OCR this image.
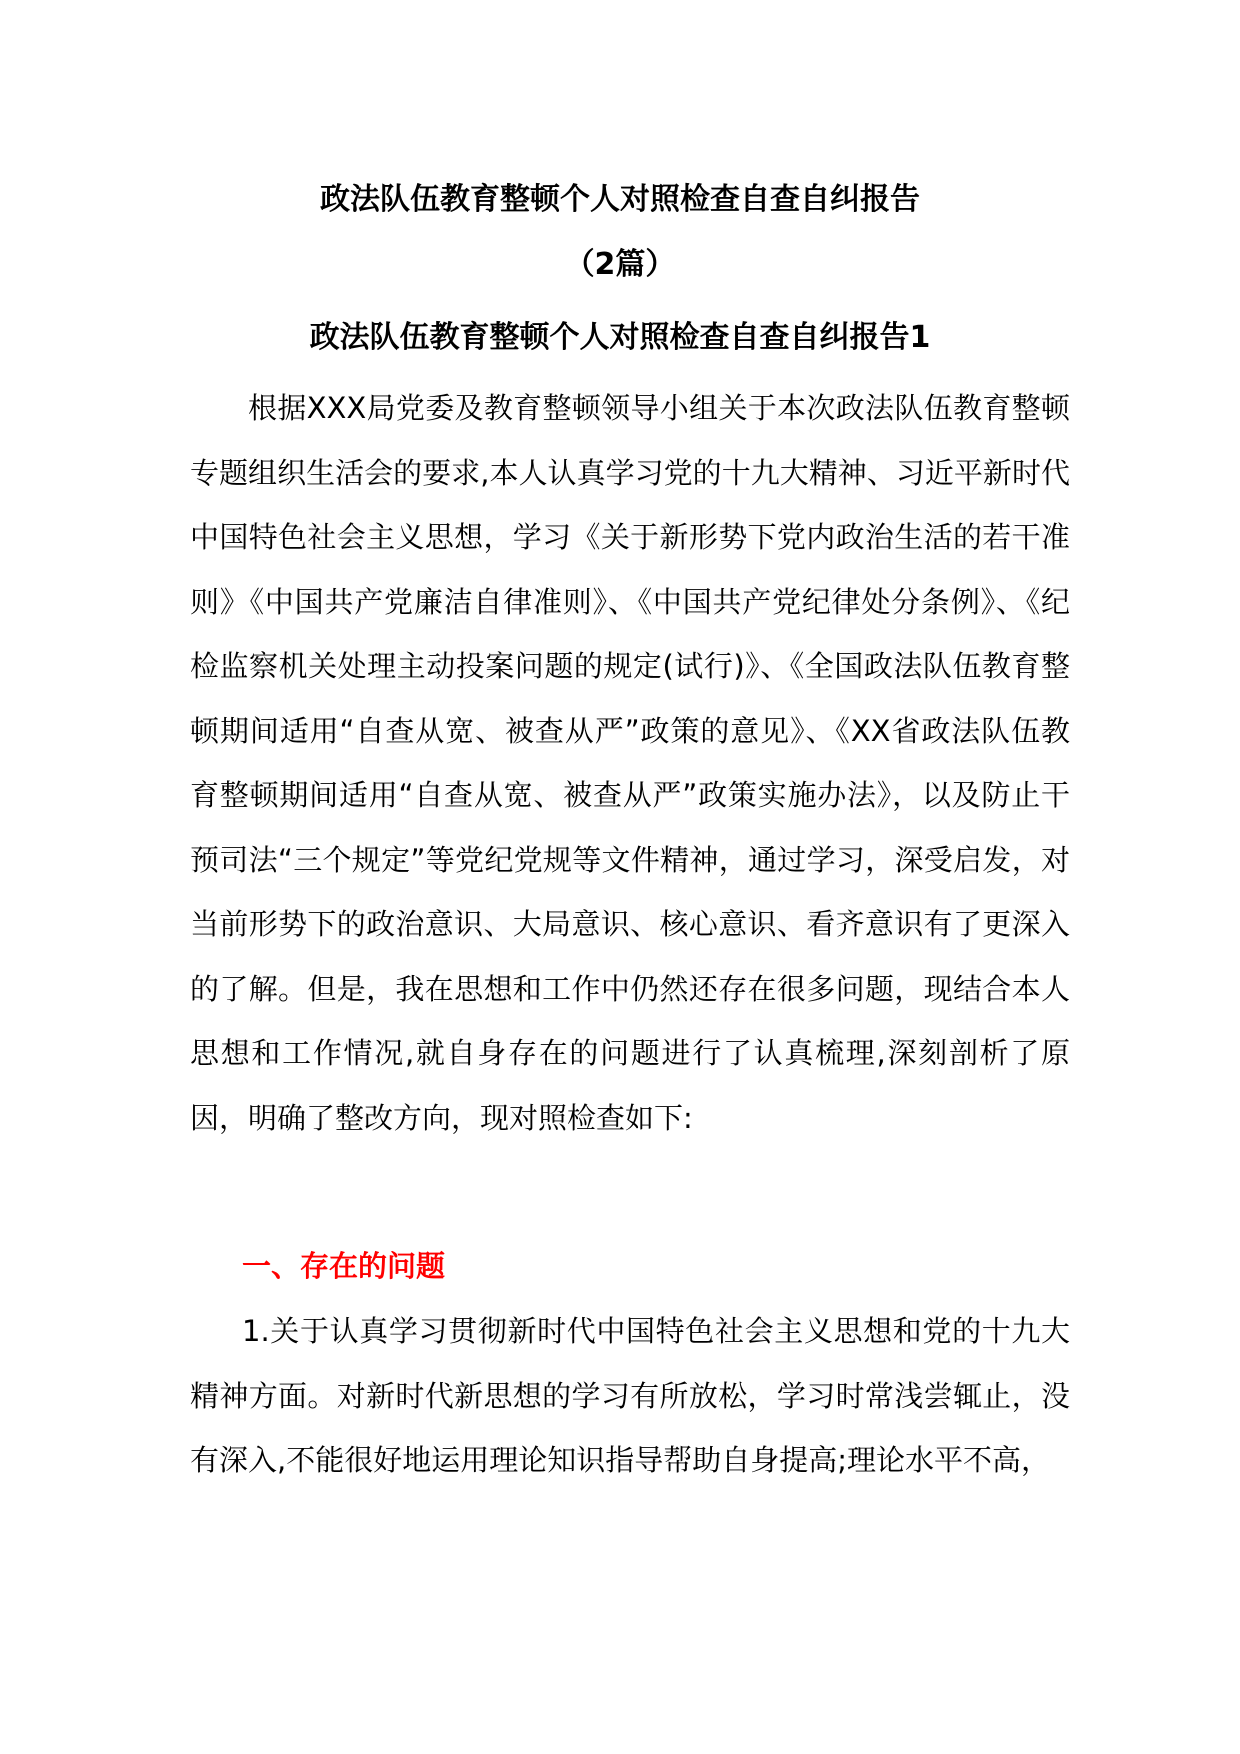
政法队伍教育整顿个人对照检查自查自纠报告
（2篇）
政法队伍教育整顿个人对照检查自查自纠报告1

根据XXX局党委及教育整顿领导小组关于本次政法队伍教育整顿专题组织生活会的要求,本人认真学习党的十九大精神、习近平新时代中国特色社会主义思想，学习《关于新形势下党内政治生活的若干准则》《中国共产党廉洁自律准则》、《中国共产党纪律处分条例》、《纪检监察机关处理主动投案问题的规定(试行)》、《全国政法队伍教育整顿期间适用“自查从宽、被查从严”政策的意见》、《XX省政法队伍教育整顿期间适用“自查从宽、被查从严”政策实施办法》，以及防止干预司法“三个规定”等党纪党规等文件精神，通过学习，深受启发，对当前形势下的政治意识、大局意识、核心意识、看齐意识有了更深入的了解。但是，我在思想和工作中仍然还存在很多问题，现结合本人思想和工作情况,就自身存在的问题进行了认真梳理,深刻剖析了原因，明确了整改方向，现对照检查如下:

一、存在的问题

1.关于认真学习贯彻新时代中国特色社会主义思想和党的十九大精神方面。对新时代新思想的学习有所放松，学习时常浅尝辄止，没有深入,不能很好地运用理论知识指导帮助自身提高;理论水平不高，
